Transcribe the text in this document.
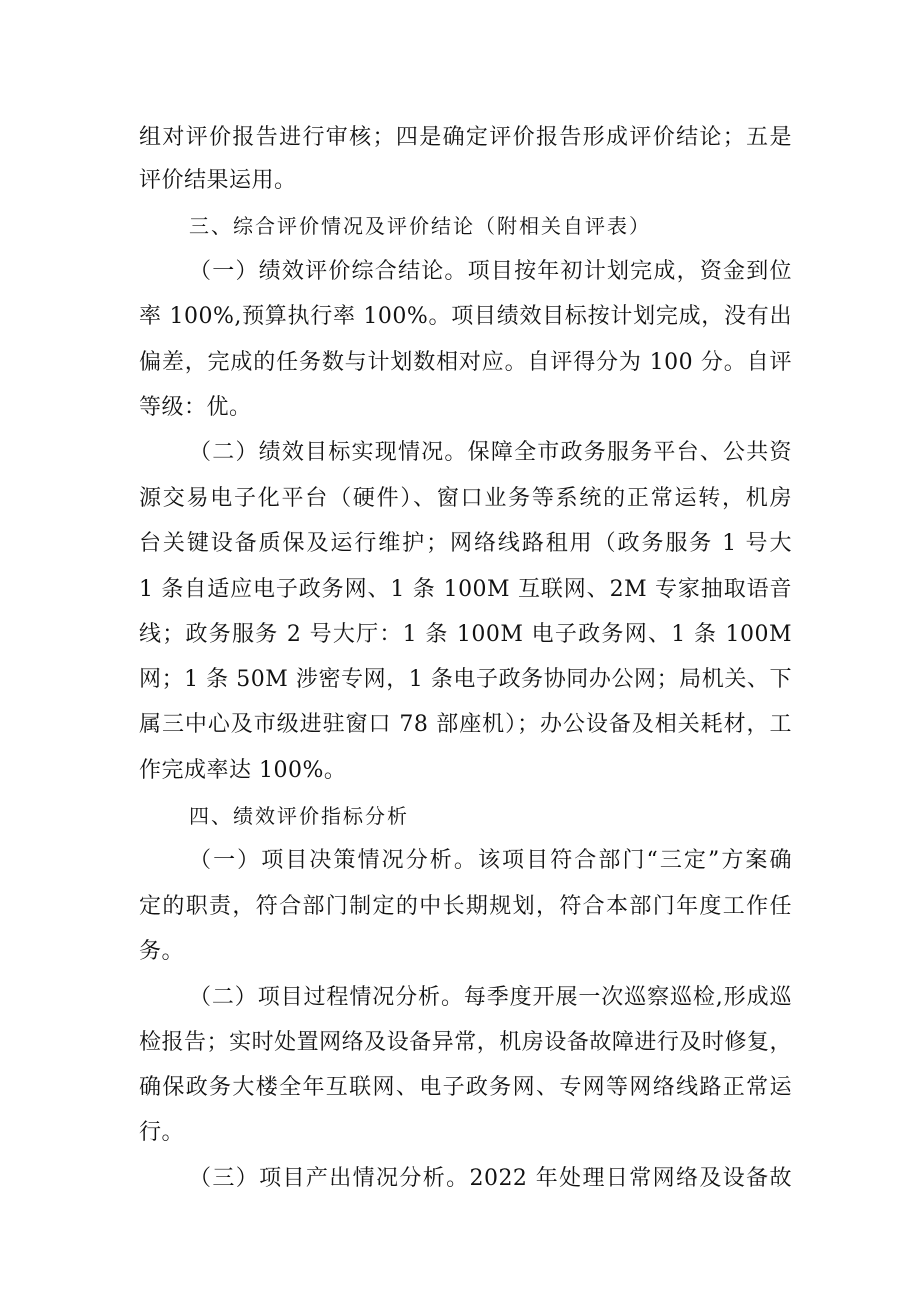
组对评价报告进行审核；四是确定评价报告形成评价结论；五是
评价结果运用。
三、综合评价情况及评价结论（附相关自评表）
（一）绩效评价综合结论。项目按年初计划完成，资金到位
率 100%,预算执行率 100%。项目绩效目标按计划完成，没有出
偏差，完成的任务数与计划数相对应。自评得分为 100 分。自评
等级：优。
（二）绩效目标实现情况。保障全市政务服务平台、公共资
源交易电子化平台（硬件）、窗口业务等系统的正常运转，机房
台关键设备质保及运行维护；网络线路租用（政务服务 1 号大
1 条自适应电子政务网、1 条 100M 互联网、2M 专家抽取语音
线；政务服务 2 号大厅：1 条 100M 电子政务网、1 条 100M
网；1 条 50M 涉密专网，1 条电子政务协同办公网；局机关、下
属三中心及市级进驻窗口 78 部座机）；办公设备及相关耗材，工
作完成率达 100%。
四、绩效评价指标分析
（一）项目决策情况分析。该项目符合部门“三定”方案确
定的职责，符合部门制定的中长期规划，符合本部门年度工作任
务。
（二）项目过程情况分析。每季度开展一次巡察巡检,形成巡
检报告；实时处置网络及设备异常，机房设备故障进行及时修复，
确保政务大楼全年互联网、电子政务网、专网等网络线路正常运
行。
（三）项目产出情况分析。2022 年处理日常网络及设备故
